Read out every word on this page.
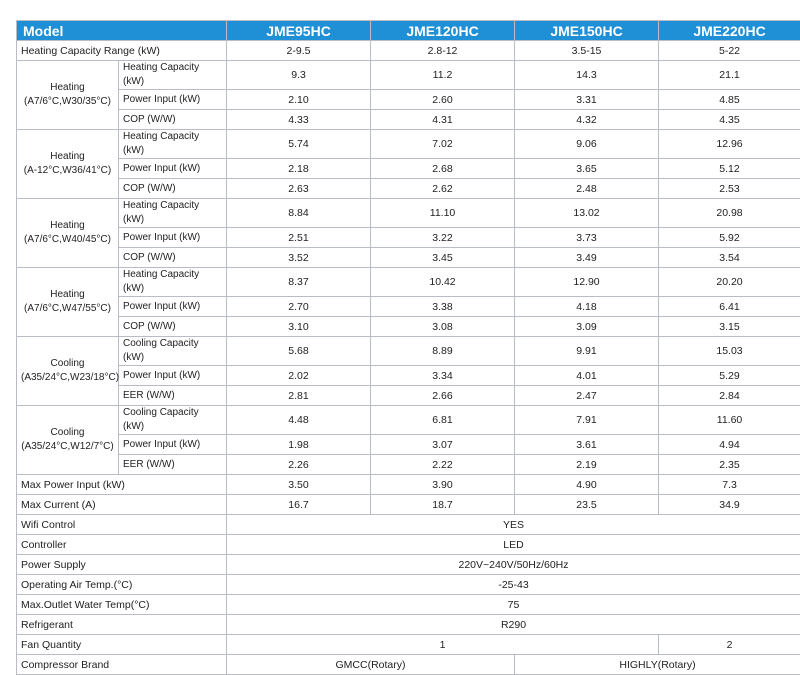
Model		JME95HC	JME120HC	JME150HC	JME220HC
Heating Capacity Range (kW)		2-9.5	2.8-12	3.5-15	5-22

Heating
(A7/6°C,W30/35°C)	Heating Capacity (kW)	9.3	11.2	14.3	21.1
	Power Input (kW)	2.10	2.60	3.31	4.85
	COP (W/W)	4.33	4.31	4.32	4.35

Heating
(A-12°C,W36/41°C)	Heating Capacity (kW)	5.74	7.02	9.06	12.96
	Power Input (kW)	2.18	2.68	3.65	5.12
	COP (W/W)	2.63	2.62	2.48	2.53

Heating
(A7/6°C,W40/45°C)	Heating Capacity (kW)	8.84	11.10	13.02	20.98
	Power Input (kW)	2.51	3.22	3.73	5.92
	COP (W/W)	3.52	3.45	3.49	3.54

Heating
(A7/6°C,W47/55°C)	Heating Capacity (kW)	8.37	10.42	12.90	20.20
	Power Input (kW)	2.70	3.38	4.18	6.41
	COP (W/W)	3.10	3.08	3.09	3.15

Cooling
(A35/24°C,W23/18°C)	Cooling Capacity (kW)	5.68	8.89	9.91	15.03
	Power Input (kW)	2.02	3.34	4.01	5.29
	EER (W/W)	2.81	2.66	2.47	2.84

Cooling
(A35/24°C,W12/7°C)	Cooling Capacity (kW)	4.48	6.81	7.91	11.60
	Power Input (kW)	1.98	3.07	3.61	4.94
	EER (W/W)	2.26	2.22	2.19	2.35
Max Power Input (kW)		3.50	3.90	4.90	7.3
Max Current (A)		16.7	18.7	23.5	34.9
Wifi Control		YES			
Controller		LED			
Power Supply		220V~240V/50Hz/60Hz			
Operating Air Temp.(°C)		-25-43			
Max.Outlet Water Temp(°C)		75			
Refrigerant		R290			
Fan Quantity		1			2
Compressor Brand		GMCC(Rotary)		HIGHLY(Rotary)	
